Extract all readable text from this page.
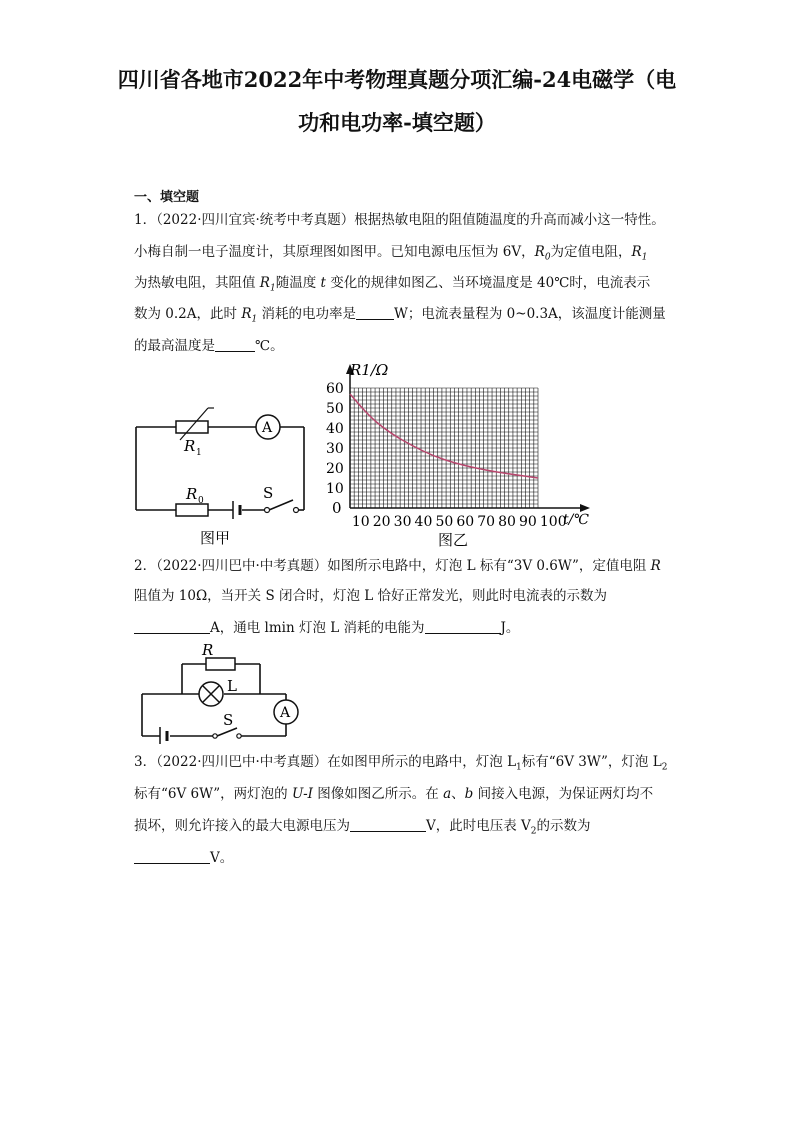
四川省各地市2022年中考物理真题分项汇编-24电磁学（电
功和电功率-填空题）
一、填空题
1．（2022·四川宜宾·统考中考真题）根据热敏电阻的阻值随温度的升高而减小这一特性。
小梅自制一电子温度计，其原理图如图甲。已知电源电压恒为 6V，$R_0$为定值电阻，$R_1$
为热敏电阻，其阻值 $R_1$随温度 t 变化的规律如图乙、当环境温度是 40℃时，电流表示
数为 0.2A，此时 $R_1$ 消耗的电功率是	W；电流表量程为 0~0.3A，该温度计能测量
的最高温度是	℃。
R 1
A
R 0	S
图甲
R1/Ω
t/℃
0
10
20
30
40
50
60
10 20 30 40 50 60 70 80 90 100
图乙
2．（2022·四川巴中·中考真题）如图所示电路中，灯泡 L 标有“3V 0.6W”，定值电阻 R
阻值为 10Ω，当开关 S 闭合时，灯泡 L 恰好正常发光，则此时电流表的示数为
A，通电 lmin 灯泡 L 消耗的电能为	J。
R
L
S	A
3．（2022·四川巴中·中考真题）在如图甲所示的电路中，灯泡 $L_1$标有“6V 3W”，灯泡 $L_2$
标有“6V 6W”，两灯泡的 U-I 图像如图乙所示。在 a、b 间接入电源，为保证两灯均不
损坏，则允许接入的最大电源电压为	V，此时电压表 $V_2$的示数为
V。
